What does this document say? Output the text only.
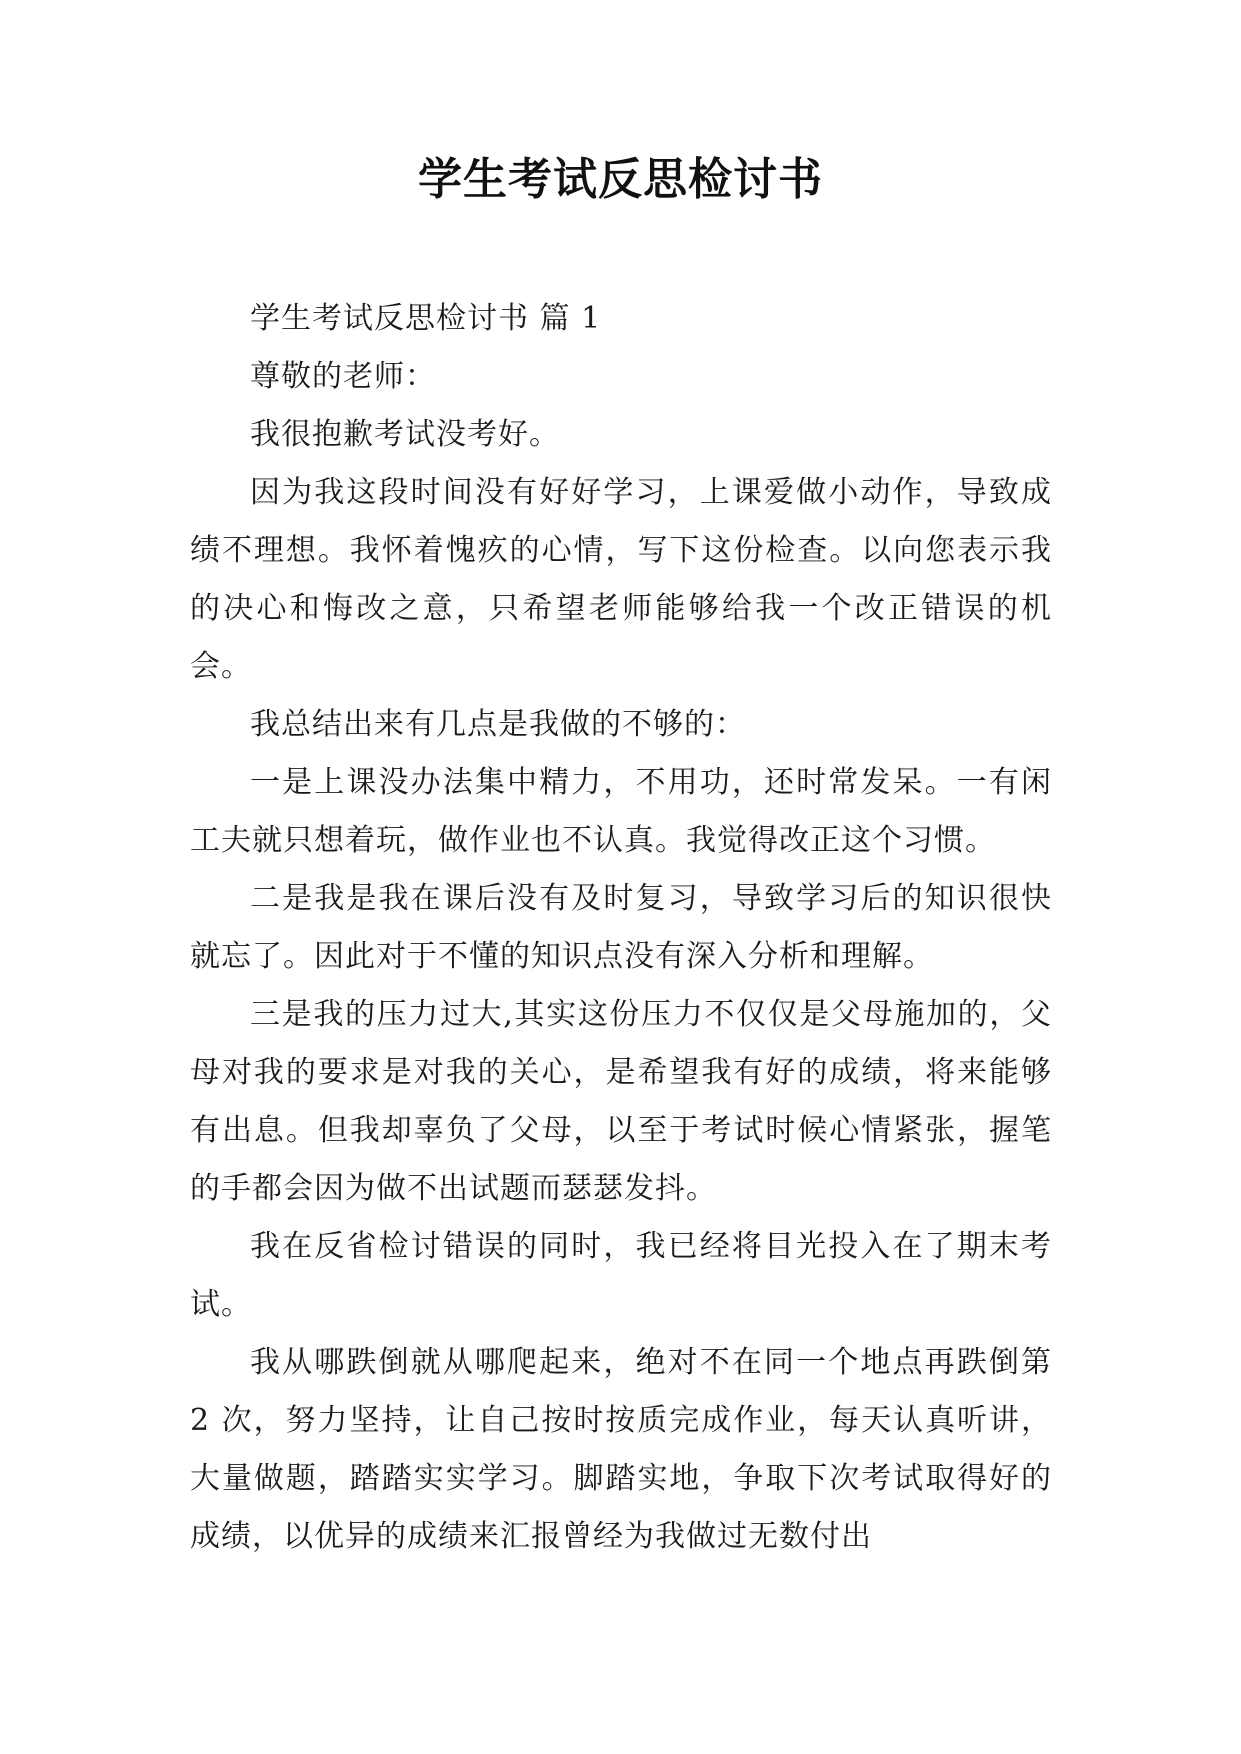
学生考试反思检讨书

学生考试反思检讨书 篇 1

尊敬的老师：

我很抱歉考试没考好。

因为我这段时间没有好好学习，上课爱做小动作，导致成绩不理想。我怀着愧疚的心情，写下这份检查。以向您表示我的决心和悔改之意，只希望老师能够给我一个改正错误的机会。

我总结出来有几点是我做的不够的：

一是上课没办法集中精力，不用功，还时常发呆。一有闲工夫就只想着玩，做作业也不认真。我觉得改正这个习惯。

二是我是我在课后没有及时复习，导致学习后的知识很快就忘了。因此对于不懂的知识点没有深入分析和理解。

三是我的压力过大,其实这份压力不仅仅是父母施加的，父母对我的要求是对我的关心，是希望我有好的成绩，将来能够有出息。但我却辜负了父母，以至于考试时候心情紧张，握笔的手都会因为做不出试题而瑟瑟发抖。

我在反省检讨错误的同时，我已经将目光投入在了期末考试。

我从哪跌倒就从哪爬起来，绝对不在同一个地点再跌倒第 2 次，努力坚持，让自己按时按质完成作业，每天认真听讲，大量做题，踏踏实实学习。脚踏实地，争取下次考试取得好的成绩，以优异的成绩来汇报曾经为我做过无数付出
